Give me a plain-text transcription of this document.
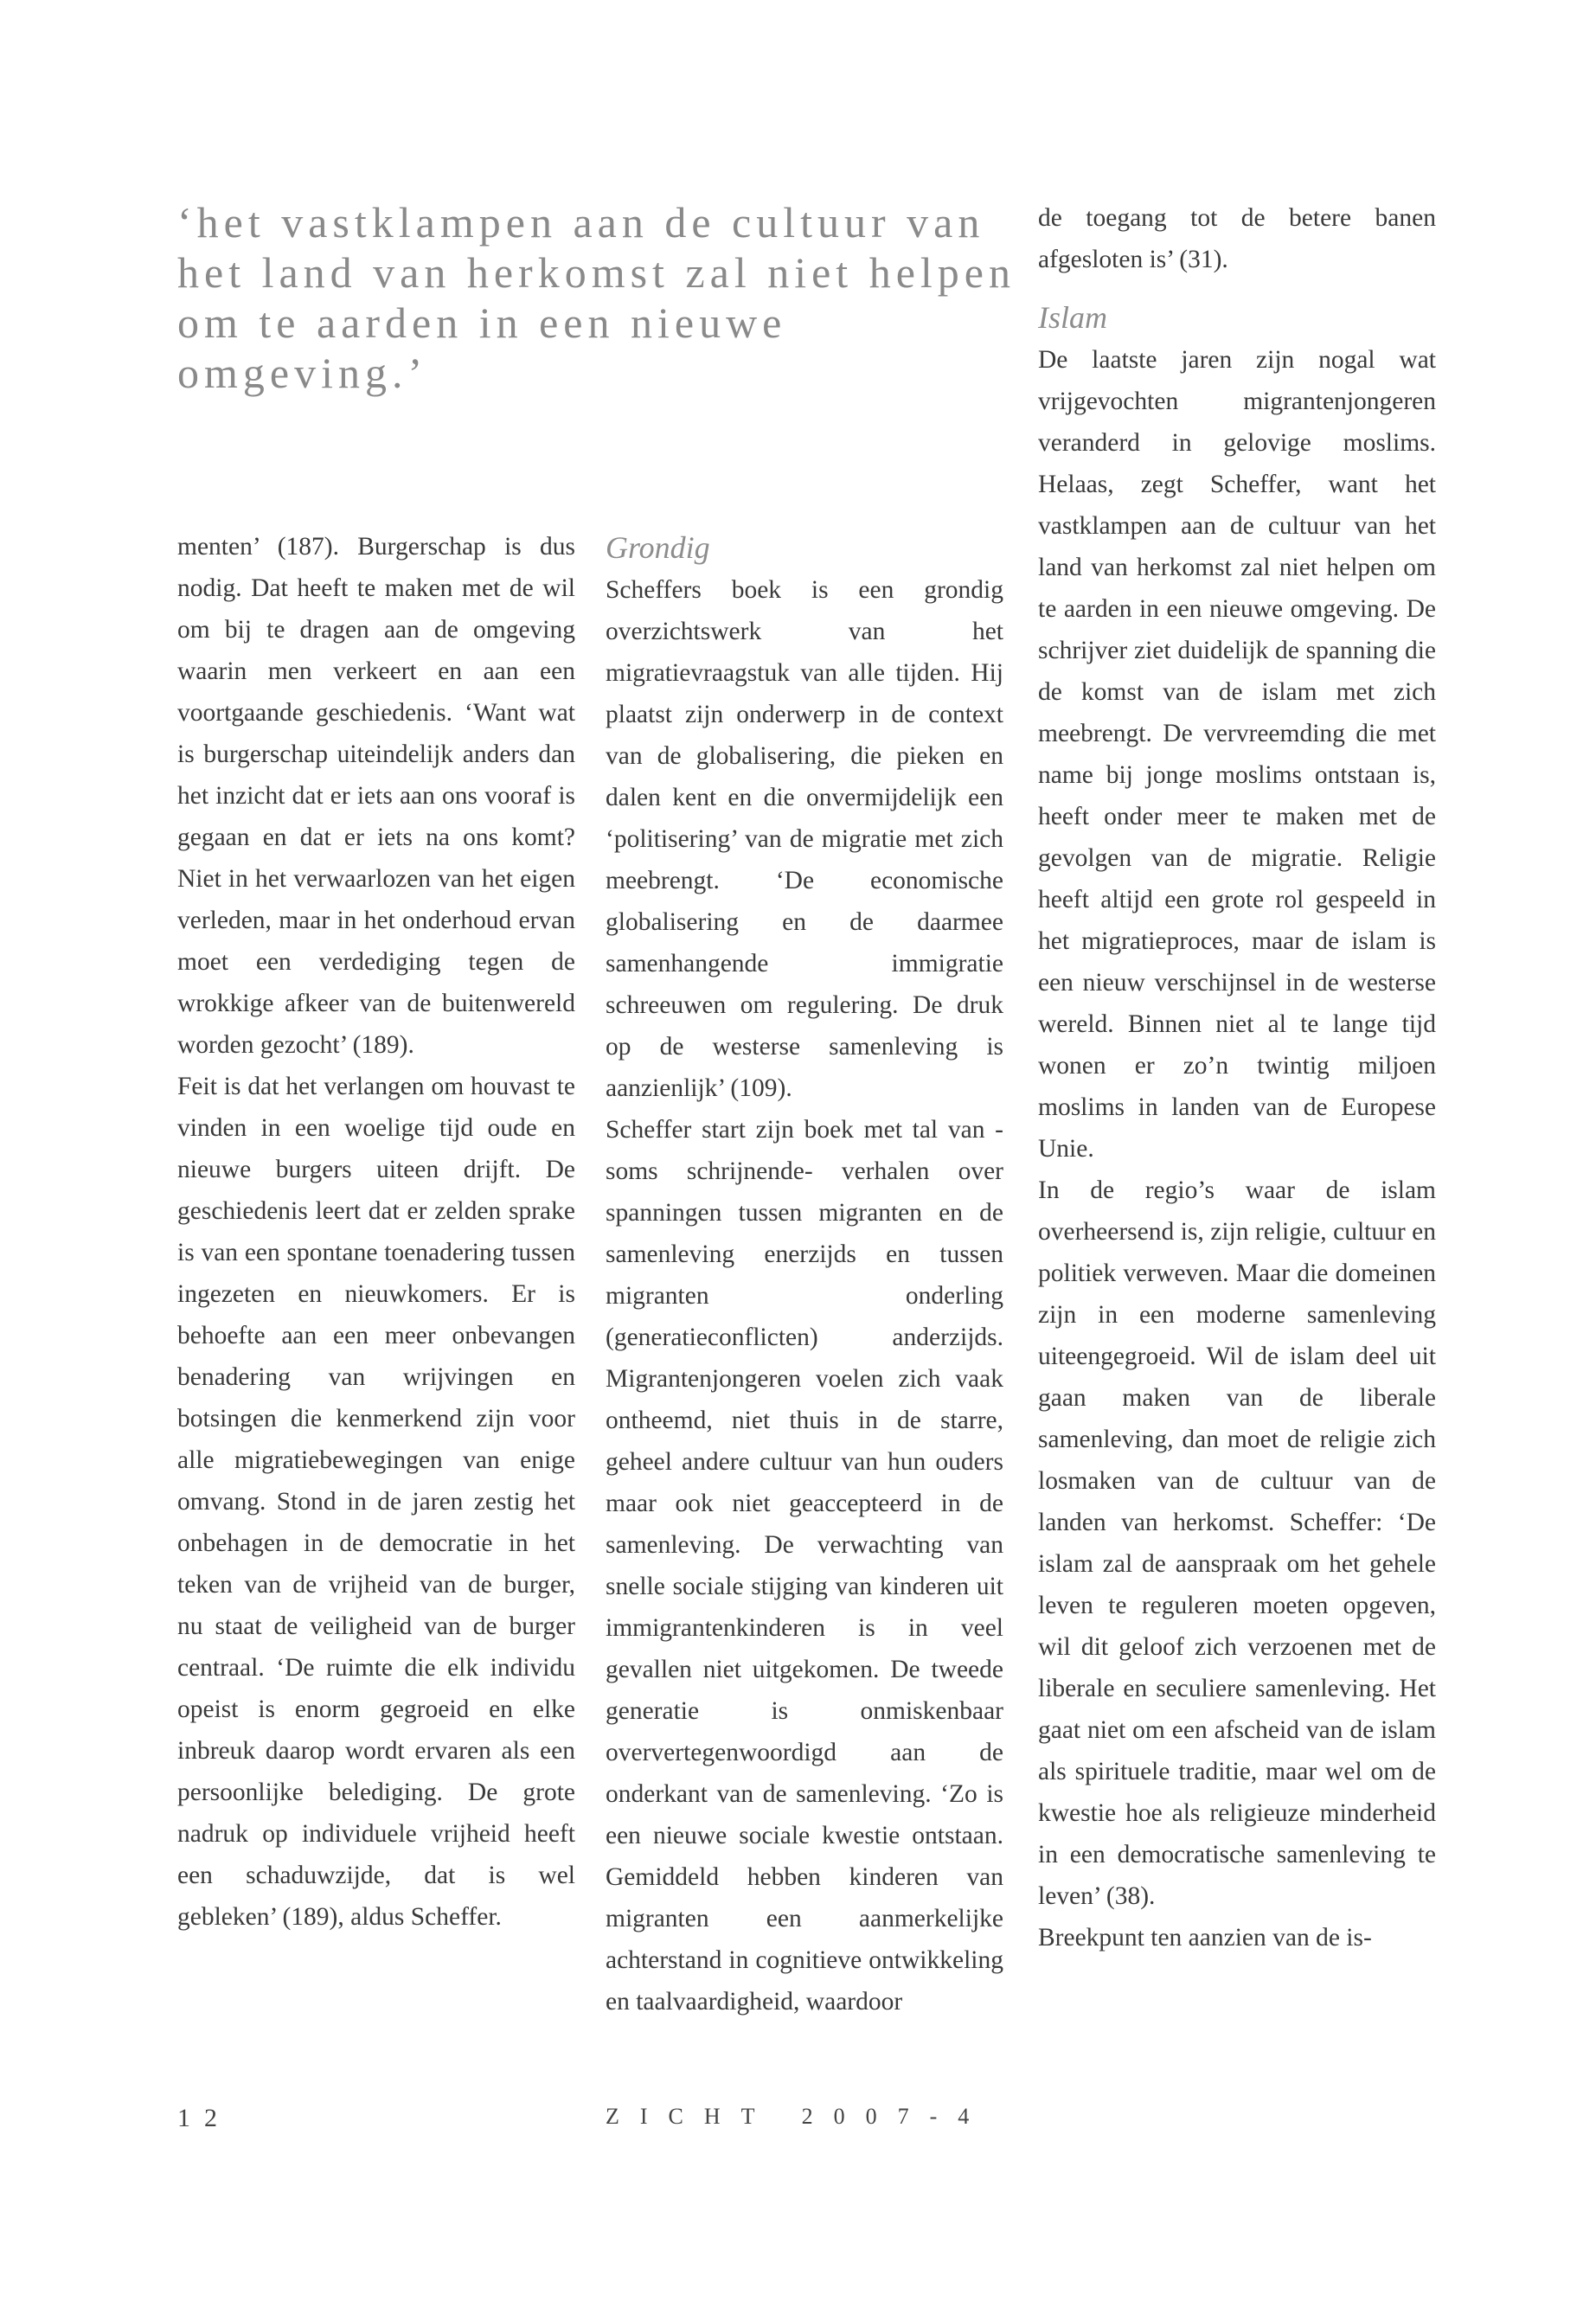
‘het vastklampen aan de cultuur van het land van herkomst zal niet helpen om te aarden in een nieuwe omgeving.’

menten’ (187). Burgerschap is dus nodig. Dat heeft te maken met de wil om bij te dragen aan de omgeving waarin men verkeert en aan een voortgaande geschiedenis. ‘Want wat is burgerschap uiteindelijk anders dan het inzicht dat er iets aan ons vooraf is gegaan en dat er iets na ons komt? Niet in het verwaarlozen van het eigen verleden, maar in het onderhoud ervan moet een verdediging tegen de wrokkige afkeer van de buitenwereld worden gezocht’ (189).

Feit is dat het verlangen om houvast te vinden in een woelige tijd oude en nieuwe burgers uiteen drijft. De geschiedenis leert dat er zelden sprake is van een spontane toenadering tussen ingezeten en nieuwkomers. Er is behoefte aan een meer onbevangen benadering van wrijvingen en botsingen die kenmerkend zijn voor alle migratiebewegingen van enige omvang. Stond in de jaren zestig het onbehagen in de democratie in het teken van de vrijheid van de burger, nu staat de veiligheid van de burger centraal. ‘De ruimte die elk individu opeist is enorm gegroeid en elke inbreuk daarop wordt ervaren als een persoonlijke belediging. De grote nadruk op individuele vrijheid heeft een schaduwzijde, dat is wel gebleken’ (189), aldus Scheffer.

Grondig

Scheffers boek is een grondig overzichtswerk van het migratievraagstuk van alle tijden. Hij plaatst zijn onderwerp in de context van de globalisering, die pieken en dalen kent en die onvermijdelijk een ‘politisering’ van de migratie met zich meebrengt. ‘De economische globalisering en de daarmee samenhangende immigratie schreeuwen om regulering. De druk op de westerse samenleving is aanzienlijk’ (109).

Scheffer start zijn boek met tal van -soms schrijnende- verhalen over spanningen tussen migranten en de samenleving enerzijds en tussen migranten onderling (generatieconflicten) anderzijds. Migrantenjongeren voelen zich vaak ontheemd, niet thuis in de starre, geheel andere cultuur van hun ouders maar ook niet geaccepteerd in de samenleving. De verwachting van snelle sociale stijging van kinderen uit immigrantenkinderen is in veel gevallen niet uitgekomen. De tweede generatie is onmiskenbaar oververtegenwoordigd aan de onderkant van de samenleving. ‘Zo is een nieuwe sociale kwestie ontstaan. Gemiddeld hebben kinderen van migranten een aanmerkelijke achterstand in cognitieve ontwikkeling en taalvaardigheid, waardoor

de toegang tot de betere banen afgesloten is’ (31).

Islam

De laatste jaren zijn nogal wat vrijgevochten migrantenjongeren veranderd in gelovige moslims. Helaas, zegt Scheffer, want het vastklampen aan de cultuur van het land van herkomst zal niet helpen om te aarden in een nieuwe omgeving. De schrijver ziet duidelijk de spanning die de komst van de islam met zich meebrengt. De vervreemding die met name bij jonge moslims ontstaan is, heeft onder meer te maken met de gevolgen van de migratie. Religie heeft altijd een grote rol gespeeld in het migratieproces, maar de islam is een nieuw verschijnsel in de westerse wereld. Binnen niet al te lange tijd wonen er zo’n twintig miljoen moslims in landen van de Europese Unie.

In de regio’s waar de islam overheersend is, zijn religie, cultuur en politiek verweven. Maar die domeinen zijn in een moderne samenleving uiteengegroeid. Wil de islam deel uit gaan maken van de liberale samenleving, dan moet de religie zich losmaken van de cultuur van de landen van herkomst. Scheffer: ‘De islam zal de aanspraak om het gehele leven te reguleren moeten opgeven, wil dit geloof zich verzoenen met de liberale en seculiere samenleving. Het gaat niet om een afscheid van de islam als spirituele traditie, maar wel om de kwestie hoe als religieuze minderheid in een democratische samenleving te leven’ (38).

Breekpunt ten aanzien van de is-

12	ZICHT 2007-4
